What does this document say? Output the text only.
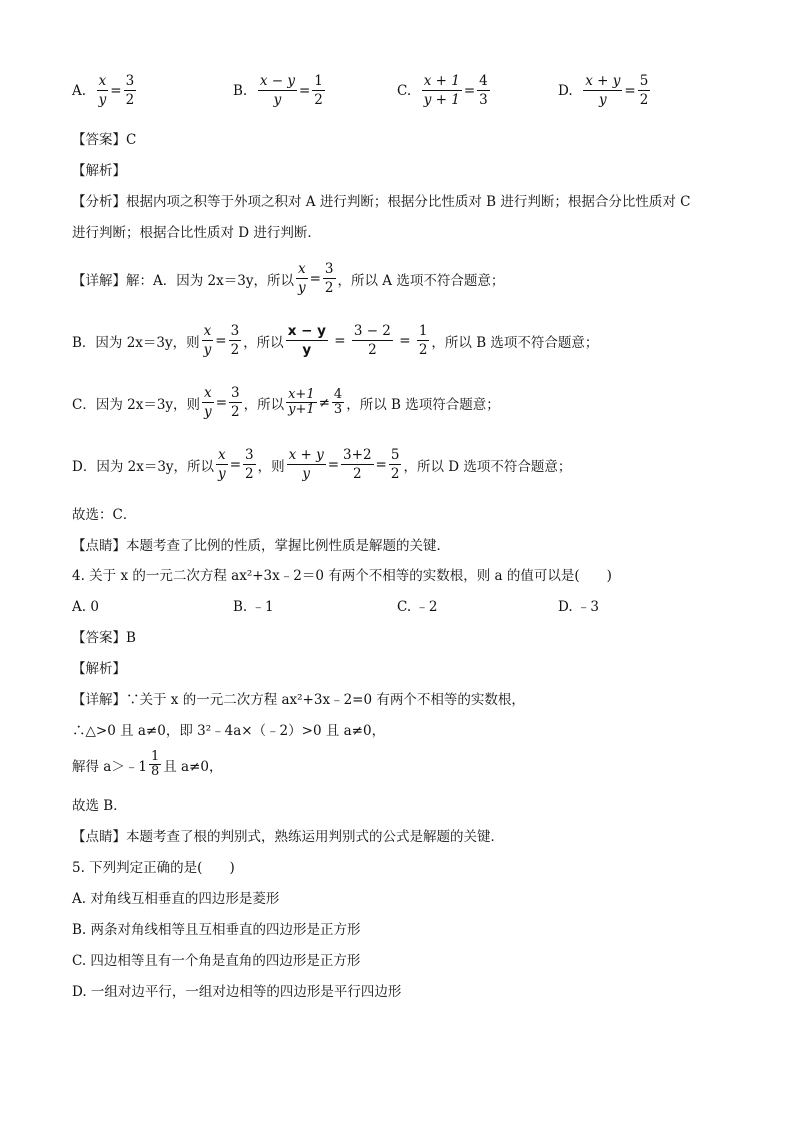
A.
$\frac{x}{y} = \frac{3}{2}$	B.
$\frac{x - y}{y} = \frac{1}{2}$	C.
$\frac{x + 1}{y + 1} = \frac{4}{3}$	D.
$\frac{x + y}{y} = \frac{5}{2}$
【答案】C
【解析】
【分析】根据内项之积等于外项之积对 A 进行判断；根据分比性质对 B 进行判断；根据合分比性质对 C
进行判断；根据合比性质对 D 进行判断．
【详解】解：A．因为 2x＝3y，所以 $\frac{x}{y} = \frac{3}{2}$ ，所以 A 选项不符合题意；
B．因为 2x＝3y，则 $\frac{x}{y} = \frac{3}{2}$ ，所以 $\frac{x - y}{y}$
=
$\frac{3 - 2}{2}$
=
$\frac{1}{2}$ ，所以 B 选项不符合题意；
C．因为 2x＝3y，则 $\frac{x}{y} = \frac{3}{2}$ ，所以 $\frac{x+1}{y+1} \ne \frac{4}{3}$ ，所以 B 选项符合题意；
D．因为 2x＝3y，所以 $\frac{x}{y} = \frac{3}{2}$ ，则 $\frac{x + y}{y} = \frac{3+2}{2} = \frac{5}{2}$ ，所以 D 选项不符合题意；
故选：C．
【点睛】本题考查了比例的性质，掌握比例性质是解题的关键．
4. 关于 x 的一元二次方程 ax²+3x﹣2＝0 有两个不相等的实数根，则 a 的值可以是(　　)
A. 0	B. ﹣1	C. ﹣2	D. ﹣3
【答案】B
【解析】
【详解】∵关于 x 的一元二次方程 ax²+3x﹣2=0 有两个不相等的实数根，
∴△>0 且 a≠0，即 3²﹣4a×（﹣2）>0 且 a≠0，
解得 a＞﹣1 $\frac{1}{8}$ 且 a≠0，
故选 B．
【点睛】本题考查了根的判别式，熟练运用判别式的公式是解题的关键．
5. 下列判定正确的是(　　)
A. 对角线互相垂直的四边形是菱形
B. 两条对角线相等且互相垂直的四边形是正方形
C. 四边相等且有一个角是直角的四边形是正方形
D. 一组对边平行，一组对边相等的四边形是平行四边形
